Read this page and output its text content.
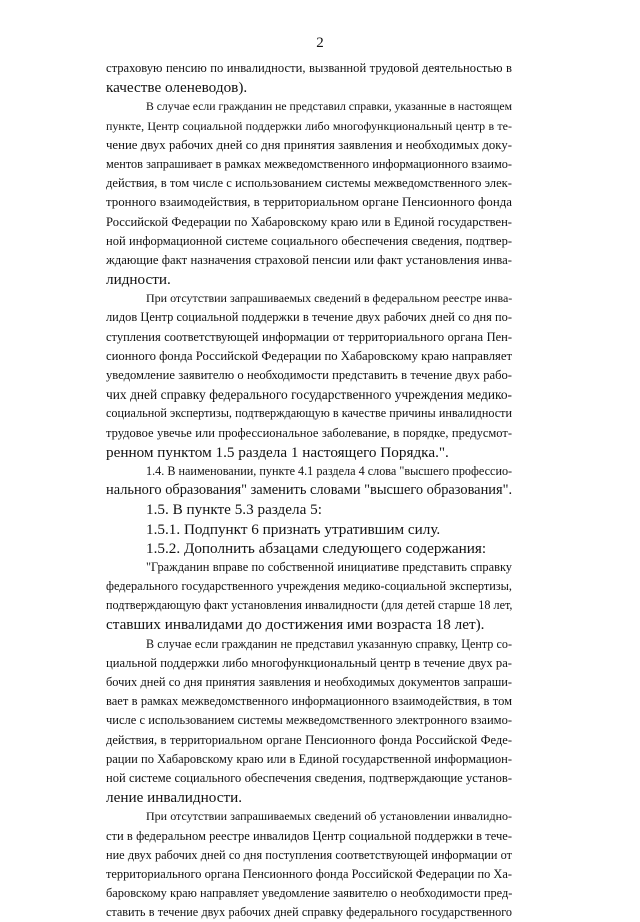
2
страховую пенсию по инвалидности, вызванной трудовой деятельностью в
качестве оленеводов).
В случае если гражданин не представил справки, указанные в настоящем
пункте, Центр социальной поддержки либо многофункциональный центр в те-
чение двух рабочих дней со дня принятия заявления и необходимых доку-
ментов запрашивает в рамках межведомственного информационного взаимо-
действия, в том числе с использованием системы межведомственного элек-
тронного взаимодействия, в территориальном органе Пенсионного фонда
Российской Федерации по Хабаровскому краю или в Единой государствен-
ной информационной системе социального обеспечения сведения, подтвер-
ждающие факт назначения страховой пенсии или факт установления инва-
лидности.
При отсутствии запрашиваемых сведений в федеральном реестре инва-
лидов Центр социальной поддержки в течение двух рабочих дней со дня по-
ступления соответствующей информации от территориального органа Пен-
сионного фонда Российской Федерации по Хабаровскому краю направляет
уведомление заявителю о необходимости представить в течение двух рабо-
чих дней справку федерального государственного учреждения медико-
социальной экспертизы, подтверждающую в качестве причины инвалидности
трудовое увечье или профессиональное заболевание, в порядке, предусмот-
ренном пунктом 1.5 раздела 1 настоящего Порядка.".
1.4. В наименовании, пункте 4.1 раздела 4 слова "высшего профессио-
нального образования" заменить словами "высшего образования".
1.5. В пункте 5.3 раздела 5:
1.5.1. Подпункт 6 признать утратившим силу.
1.5.2. Дополнить абзацами следующего содержания:
"Гражданин вправе по собственной инициативе представить справку
федерального государственного учреждения медико-социальной экспертизы,
подтверждающую факт установления инвалидности (для детей старше 18 лет,
ставших инвалидами до достижения ими возраста 18 лет).
В случае если гражданин не представил указанную справку, Центр со-
циальной поддержки либо многофункциональный центр в течение двух ра-
бочих дней со дня принятия заявления и необходимых документов запраши-
вает в рамках межведомственного информационного взаимодействия, в том
числе с использованием системы межведомственного электронного взаимо-
действия, в территориальном органе Пенсионного фонда Российской Феде-
рации по Хабаровскому краю или в Единой государственной информацион-
ной системе социального обеспечения сведения, подтверждающие установ-
ление инвалидности.
При отсутствии запрашиваемых сведений об установлении инвалидно-
сти в федеральном реестре инвалидов Центр социальной поддержки в тече-
ние двух рабочих дней со дня поступления соответствующей информации от
территориального органа Пенсионного фонда Российской Федерации по Ха-
баровскому краю направляет уведомление заявителю о необходимости пред-
ставить в течение двух рабочих дней справку федерального государственного
